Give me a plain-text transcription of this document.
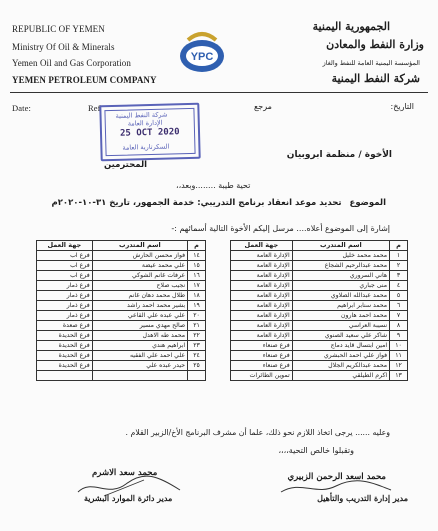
REPUBLIC OF YEMEN
Ministry Of Oil & Minerals
Yemen Oil and Gas Corporation
YEMEN PETROLEUM COMPANY
YPC
الجمهورية اليمنية
وزارة النفط والمعادن
المؤسسة اليمنية العامة للنفط والغاز
شركة النفط اليمنية
Date:	Ref	مرجع	التاريخ:
شركة النفط اليمنية
الإدارة العامة
25 OCT 2020
السكرتارية العامة
المحترمين
الأخوة / منظمة ابروبيان
تحية طيبة ........وبعد،،
الموضوع تحديد موعد انعقاد برنامج التدريبي: خدمة الجمهور، تاريخ ٣١-١٠-٢٠٢٠م
إشارة إلى الموضوع أعلاه.... مرسل إليكم الأخوة التالية أسمائهم :-
جهة العمل	اسم المتدرب	م
الإدارة العامة	محمد محمد خليل	١
الإدارة العامة	محمد عبدالرحيم الشجاع	٢
الإدارة العامة	هاني السروري	٣
الإدارة العامة	منى جباري	٤
الإدارة العامة	محمد عبدالله الصلاوي	٥
الإدارة العامة	محمد سنابر ابراهيم	٦
الإدارة العامة	محمد احمد هارون	٧
الإدارة العامة	نسيبة العراسي	٨
الإدارة العامة	شاكر علي سعيد الصنوي	٩
فرع صنعاء	امين ابتسال قايد دماج	١٠
فرع صنعاء	فواز علي احمد الحبشري	١١
فرع صنعاء	محمد عبدالكريم الجلال	١٢
تموين الطائرات	اكرم الطيلقي	١٣
جهة العمل	اسم المتدرب	م
فرع اب	فواز محسن الحارش	١٤
فرع اب	علي محمد عيضة	١٥
فرع اب	عرفات غانم الشوكي	١٦
فرع ذمار	نجيب صلاح	١٧
فرع ذمار	طلال محمد دهان غانم	١٨
فرع ذمار	بشير محمد احمد راشد	١٩
فرع ذمار	علي عبده علي القاعي	٢٠
فرع صعدة	صالح مهدي مسير	٢١
فرع الحديدة	محمد طه الاهدل	٢٢
فرع الحديدة	ابراهيم هندي	٢٣
فرع الحديدة	علي احمد علي الفقيه	٢٤
فرع الحديدة	حيدر عبده علي	٢٥

وعليه ...... يرجى اتخاذ اللازم نحو ذلك، علما أن مشرف البرنامج الأخ/الزبير القلام .
وتقبلوا خالص التحية،،،،
محمد اسعد الرحمن الزبيري
مدير إدارة التدريب والتأهيل
محمد سعد الاشرم
مدير دائرة الموارد البشرية
